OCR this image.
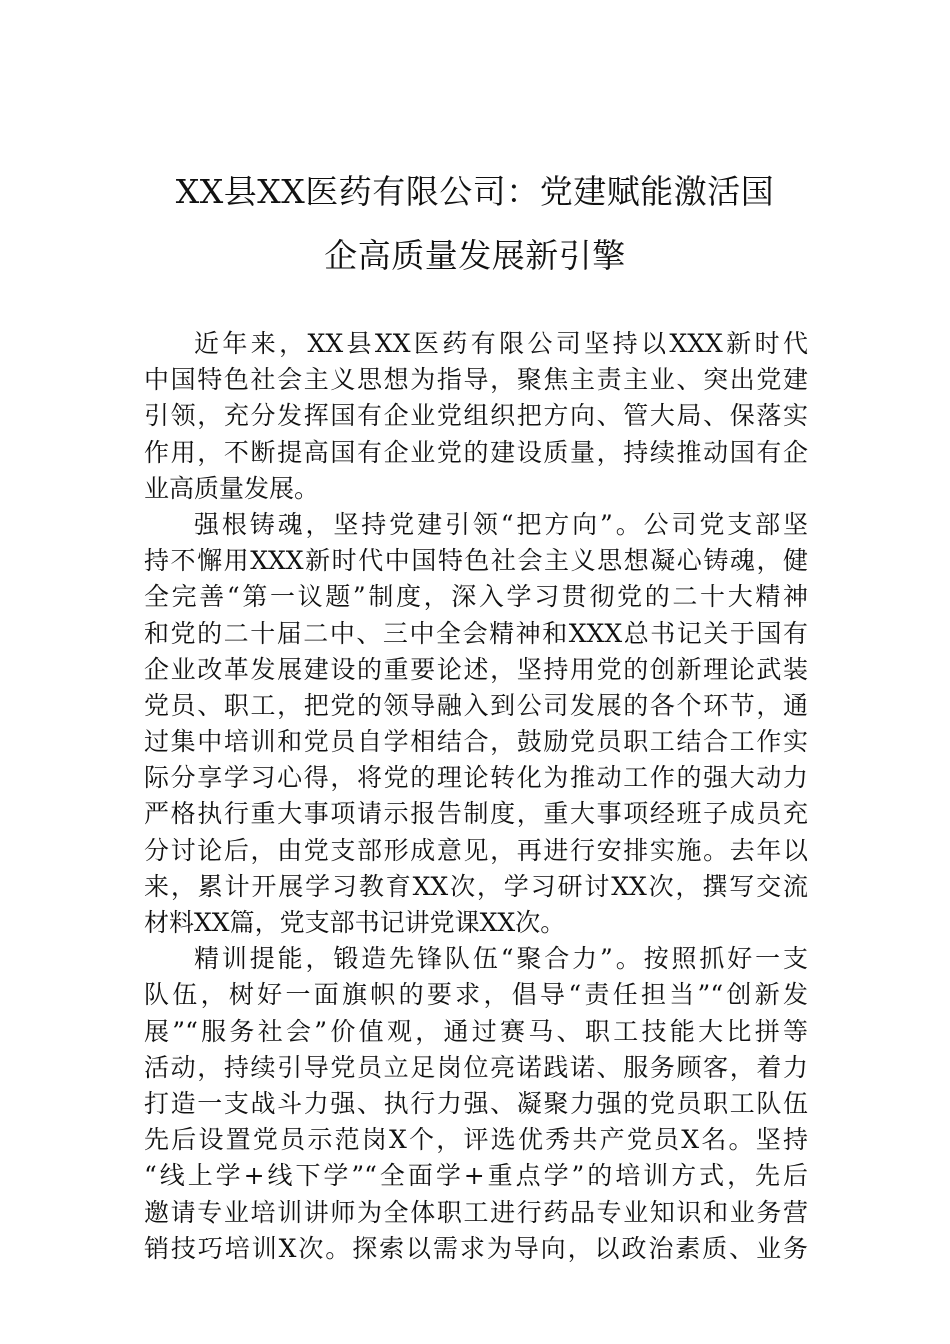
XX县XX医药有限公司：党建赋能激活国
企高质量发展新引擎

近年来，XX县XX医药有限公司坚持以XXX新时代
中国特色社会主义思想为指导，聚焦主责主业、突出党建
引领，充分发挥国有企业党组织把方向、管大局、保落实
作用，不断提高国有企业党的建设质量，持续推动国有企
业高质量发展。

强根铸魂，坚持党建引领“把方向”。公司党支部坚
持不懈用XXX新时代中国特色社会主义思想凝心铸魂，健
全完善“第一议题”制度，深入学习贯彻党的二十大精神
和党的二十届二中、三中全会精神和XXX总书记关于国有
企业改革发展建设的重要论述，坚持用党的创新理论武装
党员、职工，把党的领导融入到公司发展的各个环节，通
过集中培训和党员自学相结合，鼓励党员职工结合工作实
际分享学习心得，将党的理论转化为推动工作的强大动力
严格执行重大事项请示报告制度，重大事项经班子成员充
分讨论后，由党支部形成意见，再进行安排实施。去年以
来，累计开展学习教育XX次，学习研讨XX次，撰写交流
材料XX篇，党支部书记讲党课XX次。

精训提能，锻造先锋队伍“聚合力”。按照抓好一支
队伍，树好一面旗帜的要求，倡导“责任担当”“创新发
展”“服务社会”价值观，通过赛马、职工技能大比拼等
活动，持续引导党员立足岗位亮诺践诺、服务顾客，着力
打造一支战斗力强、执行力强、凝聚力强的党员职工队伍
先后设置党员示范岗X个，评选优秀共产党员X名。坚持
“线上学+线下学”“全面学+重点学”的培训方式，先后
邀请专业培训讲师为全体职工进行药品专业知识和业务营
销技巧培训X次。探索以需求为导向，以政治素质、业务
